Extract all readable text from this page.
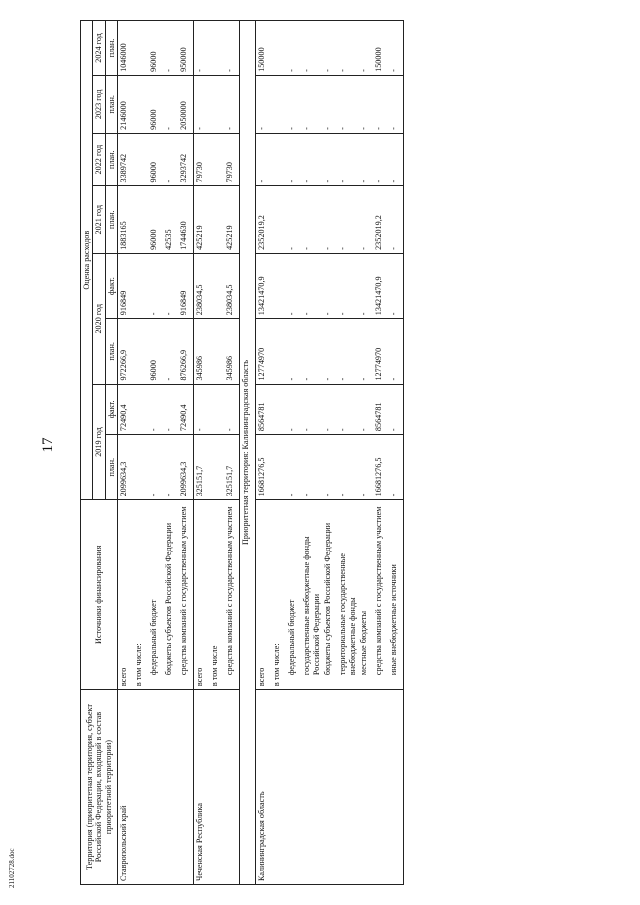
17
Территория (приоритетная территория, субъект Российской Федерации, входящий в состав приоритетной территории)	Источники финансирования	Оценка расходов							
		2019 год		2020 год		2021 год	2022 год	2023 год	2024 год
		план.	факт.	план.	факт.	план.	план.	план.	план.
Ставропольский край	всего	2099634,3	72490,4	972266,9	916849	1883165	3389742	2146000	1046000
	в том числе:								
	федеральный бюджет	-	-	96000	-	96000	96000	96000	96000
	бюджеты субъектов Российской Федерации	-	-	-	-	42535	-	-	-
	средства компаний с государственным участием	2099634,3	72490,4	876266,9	916849	1744630	3293742	2050000	950000
Чеченская Республика	всего	325151,7	-	345986	238034,5	425219	79730	-	-
	в том числе								
	средства компаний с государственным участием	325151,7	-	345986	238034,5	425219	79730	-	-
Приоритетная территория: Калининградская область									
Калининградская область	всего	16681276,5	8564781	12774970	13421470,9	2352019,2	-	-	150000
	в том числе:								
	федеральный бюджет	-	-	-	-	-	-	-	-
	государственные внебюджетные фонды Российской Федерации	-	-	-	-	-	-	-	-
	бюджеты субъектов Российской Федерации	-	-	-	-	-	-	-	-
	территориальные государственные внебюджетные фонды	-	-	-	-	-	-	-	-
	местные бюджеты	-	-	-	-	-	-	-	-
	средства компаний с государственным участием	16681276,5	8564781	12774970	13421470,9	2352019,2	-	-	150000
	иные внебюджетные источники	-	-	-	-	-	-	-	-
21102728.doc
